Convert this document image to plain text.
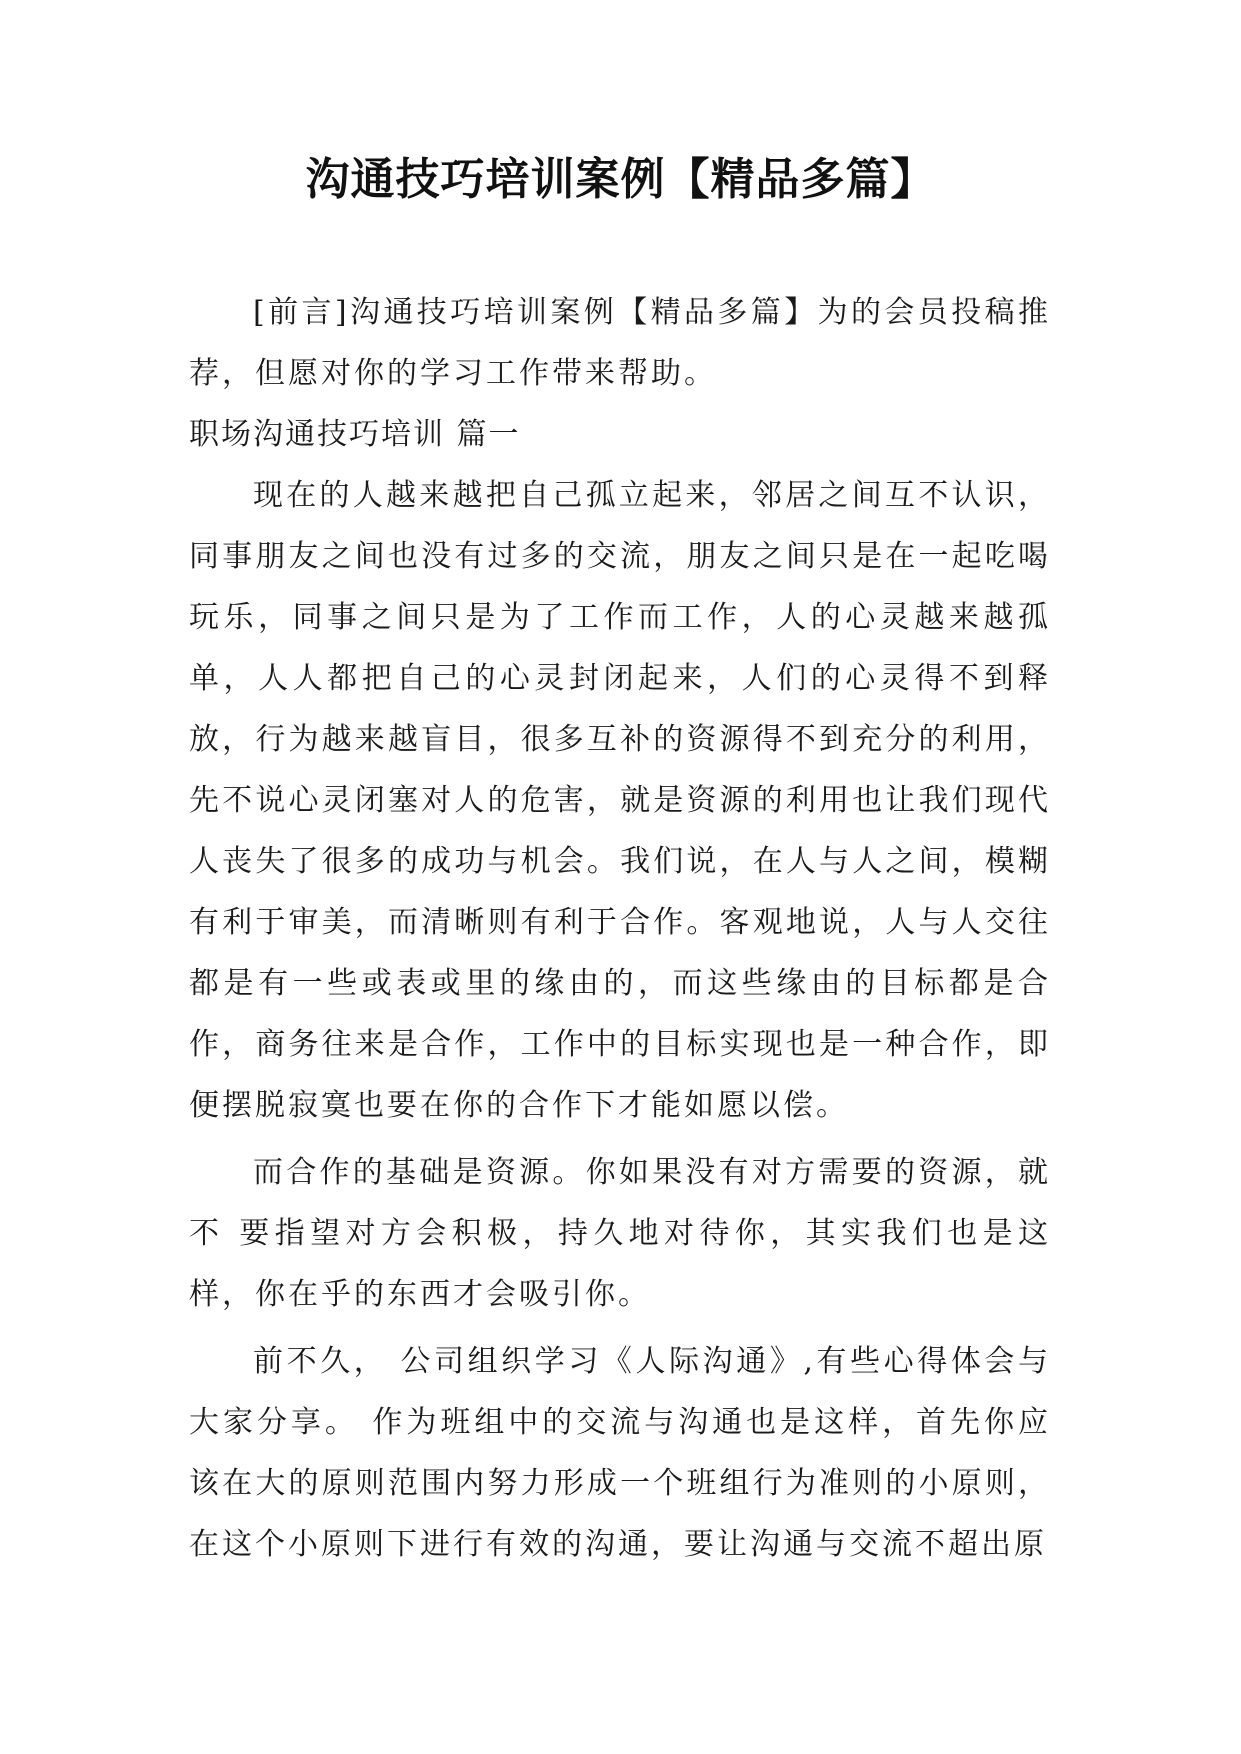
沟通技巧培训案例【精品多篇】

[前言]沟通技巧培训案例【精品多篇】为的会员投稿推荐，但愿对你的学习工作带来帮助。

职场沟通技巧培训 篇一

现在的人越来越把自己孤立起来，邻居之间互不认识，同事朋友之间也没有过多的交流，朋友之间只是在一起吃喝玩乐，同事之间只是为了工作而工作，人的心灵越来越孤单，人人都把自己的心灵封闭起来，人们的心灵得不到释放，行为越来越盲目，很多互补的资源得不到充分的利用，先不说心灵闭塞对人的危害，就是资源的利用也让我们现代人丧失了很多的成功与机会。我们说，在人与人之间，模糊有利于审美，而清晰则有利于合作。客观地说，人与人交往都是有一些或表或里的缘由的，而这些缘由的目标都是合作，商务往来是合作，工作中的目标实现也是一种合作，即便摆脱寂寞也要在你的合作下才能如愿以偿。

而合作的基础是资源。你如果没有对方需要的资源，就不 要指望对方会积极，持久地对待你，其实我们也是这样，你在乎的东西才会吸引你。

前不久， 公司组织学习《人际沟通》,有些心得体会与大家分享。 作为班组中的交流与沟通也是这样，首先你应该在大的原则范围内努力形成一个班组行为准则的小原则，在这个小原则下进行有效的沟通，要让沟通与交流不超出原
